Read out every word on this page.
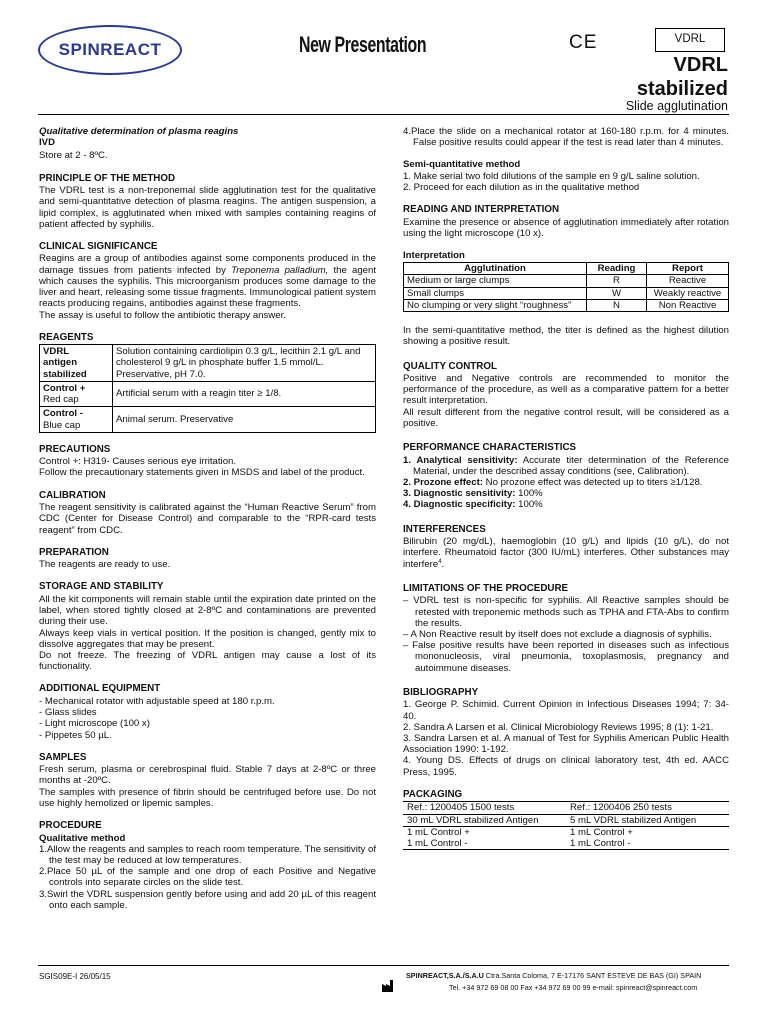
SPINREACT	New Presentation	CE	VDRL
VDRL
stabilized
Slide agglutination
Qualitative determination of plasma reagins
IVD

Store at 2 - 8ºC.

PRINCIPLE OF THE METHOD

The VDRL test is a non-treponemal slide agglutination test for the qualitative and semi-quantitative detection of plasma reagins. The antigen suspension, a lipid complex, is agglutinated when mixed with samples containing reagins of patient affected by syphilis.

CLINICAL SIGNIFICANCE

Reagins are a group of antibodies against some components produced in the damage tissues from patients infected by Treponema palladium, the agent which causes the syphilis. This microorganism produces some damage to the liver and heart, releasing some tissue fragments. Immunological patient system reacts producing regains, antibodies against these fragments.

The assay is useful to follow the antibiotic therapy answer.

REAGENTS
VDRL
antigen
stabilized	Solution containing cardiolipin 0.3 g/L, lecithin 2.1 g/L and cholesterol 9 g/L in phosphate buffer 1.5 mmol/L. Preservative, pH 7.0.
Control +
Red cap	Artificial serum with a reagin titer ≥ 1/8.
Control -
Blue cap	Animal serum. Preservative
PRECAUTIONS

Control +: H319- Causes serious eye irritation.

Follow the precautionary statements given in MSDS and label of the product.

CALIBRATION

The reagent sensitivity is calibrated against the “Human Reactive Serum” from CDC (Center for Disease Control) and comparable to the “RPR-card tests reagent” from CDC.

PREPARATION

The reagents are ready to use.

STORAGE AND STABILITY

All the kit components will remain stable until the expiration date printed on the label, when stored tightly closed at 2-8ºC and contaminations are prevented during their use.

Always keep vials in vertical position. If the position is changed, gently mix to dissolve aggregates that may be present.

Do not freeze. The freezing of VDRL antigen may cause a lost of its functionality.

ADDITIONAL EQUIPMENT
- Mechanical rotator with adjustable speed at 180 r.p.m.
- Glass slides
- Light microscope (100 x)
- Pippetes 50 µL.
SAMPLES

Fresh serum, plasma or cerebrospinal fluid. Stable 7 days at 2-8ºC or three months at -20ºC.

The samples with presence of fibrin should be centrifuged before use. Do not use highly hemolized or lipemic samples.

PROCEDURE
Qualitative method
1.Allow the reagents and samples to reach room temperature. The sensitivity of the test may be reduced at low temperatures.
2.Place 50 µL of the sample and one drop of each Positive and Negative controls into separate circles on the slide test.
3.Swirl the VDRL suspension gently before using and add 20 µL of this reagent onto each sample.
4.Place the slide on a mechanical rotator at 160-180 r.p.m. for 4 minutes. False positive results could appear if the test is read later than 4 minutes.
Semi-quantitative method

1. Make serial two fold dilutions of the sample en 9 g/L saline solution.

2. Proceed for each dilution as in the qualitative method

READING AND INTERPRETATION

Examine the presence or absence of agglutination immediately after rotation using the light microscope (10 x).

Interpretation
Agglutination	Reading	Report
Medium or large clumps	R	Reactive
Small clumps	W	Weakly reactive
No clumping or very slight “roughness”	N	Non Reactive

In the semi-quantitative method, the titer is defined as the highest dilution showing a positive result.

QUALITY CONTROL

Positive and Negative controls are recommended to monitor the performance of the procedure, as well as a comparative pattern for a better result interpretation.

All result different from the negative control result, will be considered as a positive.

PERFORMANCE CHARACTERISTICS
1. Analytical sensitivity: Accurate titer determination of the Reference Material, under the described assay conditions (see, Calibration).
2. Prozone effect: No prozone effect was detected up to titers ≥1/128.
3. Diagnostic sensitivity: 100%
4. Diagnostic specificity: 100%
INTERFERENCES

Bilirubin (20 mg/dL), haemoglobin (10 g/L) and lipids (10 g/L), do not interfere. Rheumatoid factor (300 IU/mL) interferes. Other substances may interfere$^4$.

LIMITATIONS OF THE PROCEDURE
– VDRL test is non-specific for syphilis. All Reactive samples should be retested with treponemic methods such as TPHA and FTA-Abs to confirm the results.
– A Non Reactive result by itself does not exclude a diagnosis of syphilis.
– False positive results have been reported in diseases such as infectious mononucleosis, viral pneumonia, toxoplasmosis, pregnancy and autoimmune diseases.
BIBLIOGRAPHY

1. George P. Schimid. Current Opinion in Infectious Diseases 1994; 7: 34-40.

2. Sandra A Larsen et al. Clinical Microbiology Reviews 1995; 8 (1): 1-21.

3. Sandra Larsen et al. A manual of Test for Syphilis American Public Health Association 1990: 1-192.

4. Young DS. Effects of drugs on clinical laboratory test, 4th ed. AACC Press, 1995.

PACKAGING
Ref.: 1200405 1500 tests	Ref.: 1200406 250 tests
30 mL VDRL stabilized Antigen	5 mL VDRL stabilized Antigen
1 mL Control +	1 mL Control +
1 mL Control -	1 mL Control -
SGIS09E-I 26/05/15	SPINREACT,S.A./S.A.U Ctra.Santa Coloma, 7 E-17176 SANT ESTEVE DE BAS (GI) SPAIN
Tel. +34 972 69 08 00 Fax +34 972 69 00 99 e-mail: spinreact@spinreact.com
